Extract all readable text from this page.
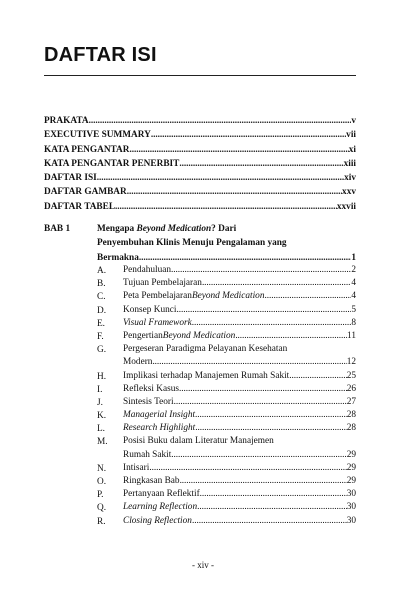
DAFTAR ISI
PRAKATA . . .	v
EXECUTIVE SUMMARY . . .	vii
KATA PENGANTAR . . .	xi
KATA PENGANTAR PENERBIT . . .	xiii
DAFTAR ISI . . .	xiv
DAFTAR GAMBAR . . .	xxv
DAFTAR TABEL . . .	xxvii
BAB 1	Mengapa Beyond Medication? Dari
Penyembuhan Klinis Menuju Pengalaman yang
Bermakna . . .	1
A. Pendahuluan . . .	2
B. Tujuan Pembelajaran . . .	4
C. Peta Pembelajaran Beyond Medication . . .	4
D. Konsep Kunci . . .	5
E. Visual Framework . . .	8
F. Pengertian Beyond Medication . . .	11
G. Pergeseran Paradigma Pelayanan Kesehatan
Modern . . .	12
H. Implikasi terhadap Manajemen Rumah Sakit . . .	25
I. Refleksi Kasus . . .	26
J. Sintesis Teori . . .	27
K. Managerial Insight . . .	28
L. Research Highlight . . .	28
M. Posisi Buku dalam Literatur Manajemen
Rumah Sakit . . .	29
N. Intisari . . .	29
O. Ringkasan Bab . . .	29
P. Pertanyaan Reflektif . . .	30
Q. Learning Reflection . . .	30
R. Closing Reflection . . .	30
- xiv -
